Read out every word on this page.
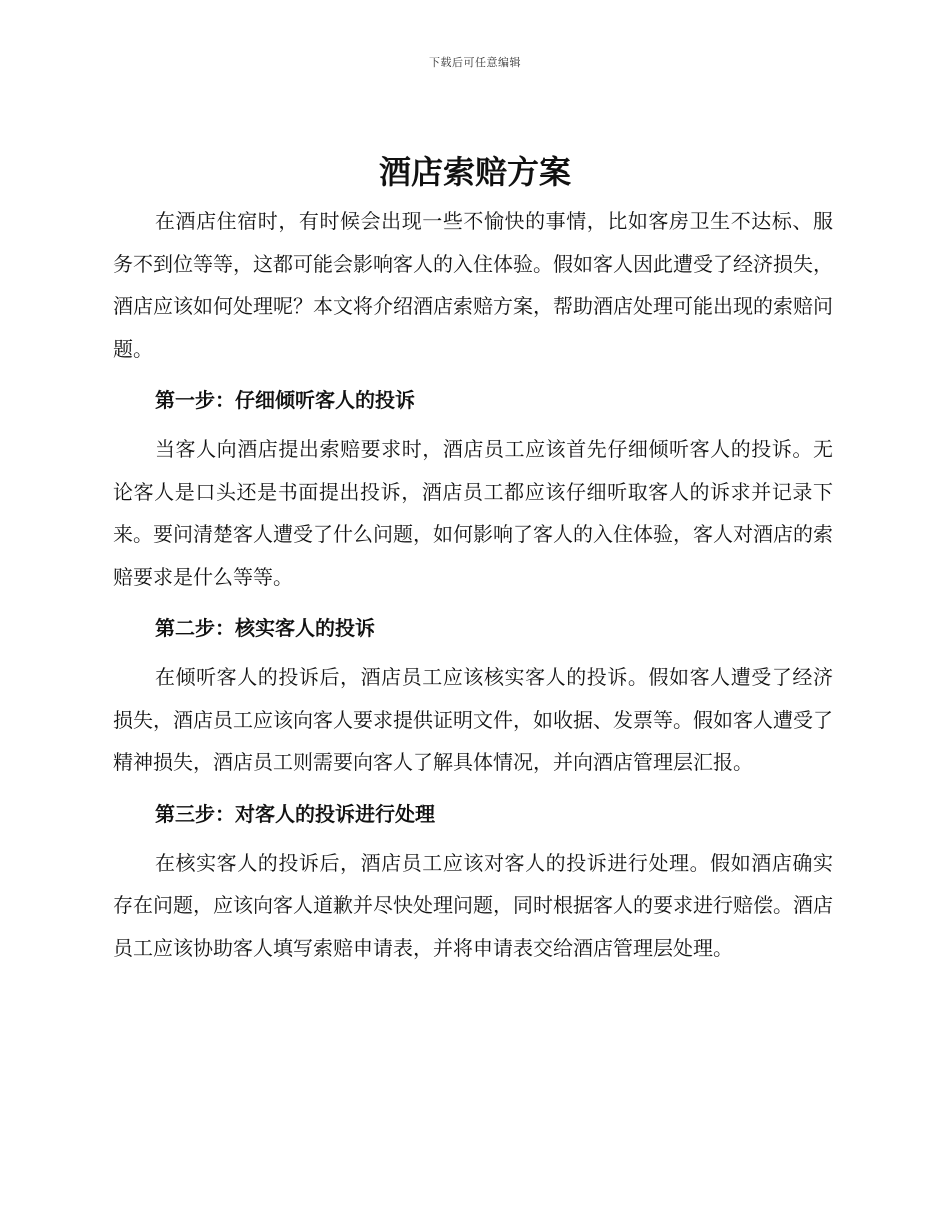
下载后可任意编辑
酒店索赔方案

在酒店住宿时，有时候会出现一些不愉快的事情，比如客房卫生不达标、服务不到位等等，这都可能会影响客人的入住体验。假如客人因此遭受了经济损失，酒店应该如何处理呢？本文将介绍酒店索赔方案，帮助酒店处理可能出现的索赔问题。

第一步：仔细倾听客人的投诉

当客人向酒店提出索赔要求时，酒店员工应该首先仔细倾听客人的投诉。无论客人是口头还是书面提出投诉，酒店员工都应该仔细听取客人的诉求并记录下来。要问清楚客人遭受了什么问题，如何影响了客人的入住体验，客人对酒店的索赔要求是什么等等。

第二步：核实客人的投诉

在倾听客人的投诉后，酒店员工应该核实客人的投诉。假如客人遭受了经济损失，酒店员工应该向客人要求提供证明文件，如收据、发票等。假如客人遭受了精神损失，酒店员工则需要向客人了解具体情况，并向酒店管理层汇报。

第三步：对客人的投诉进行处理

在核实客人的投诉后，酒店员工应该对客人的投诉进行处理。假如酒店确实存在问题，应该向客人道歉并尽快处理问题，同时根据客人的要求进行赔偿。酒店员工应该协助客人填写索赔申请表，并将申请表交给酒店管理层处理。
